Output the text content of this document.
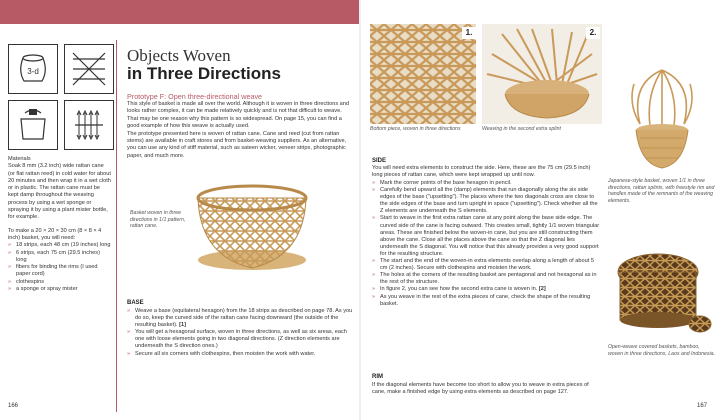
3-d
Objects Woven
in Three Directions
Prototype F: Open three-directional weave

This style of basket is made all over the world. Although it is woven in three directions and looks rather complex, it can be made relatively quickly and is not that difficult to weave. That may be one reason why this pattern is so widespread. On page 15, you can find a good example of how this weave is actually used.

The prototype presented here is woven of rattan cane. Cane and reed (cut from rattan stems) are available in craft stores and from basket-weaving suppliers. As an alternative, you can use any kind of stiff material, such as sateen wicker, veneer strips, photographic paper, and much more.

Materials

Soak 8 mm (3.2 inch) wide rattan cane (or flat rattan reed) in cold water for about 20 minutes and then wrap it in a wet cloth or in plastic. The rattan cane must be kept damp throughout the weaving process by using a wet sponge or spraying it by using a plant mister bottle, for example.

To make a 20 × 20 × 30 cm (8 × 8 × 4 inch) basket, you will need:

» 18 strips, each 48 cm (19 inches) long
» 6 strips, each 75 cm (29.5 inches) long
» fibers for binding the rims (I used paper cord)
» clothespins
» a sponge or spray mister
Basket woven in three directions in 1/1 pattern, rattan cane.
BASE
» Weave a base (equilateral hexagon) from the 18 strips as described on page 78. As you do so, keep the curved side of the rattan cane facing downward (the outside of the resulting basket). [1]
» You will get a hexagonal surface, woven in three directions, as well as six areas, each one with loose elements going in two diagonal directions. (Z direction elements are underneath the S direction ones.)
» Secure all six corners with clothespins, then moisten the work with water.
166
1.	2.
Bottom piece, woven in three directions	Weaving in the second extra splint
SIDE

You will need extra elements to construct the side. Here, these are the 75 cm (29.5 inch) long pieces of rattan cane, which were kept wrapped up until now.

» Mark the corner points of the base hexagon in pencil.
» Carefully bend upward all the (damp) elements that run diagonally along the six side edges of the base ("upsetting"). The places where the two diagonals cross are close to the side edges of the base and turn upright in space ("upsetting"). Check whether all the Z elements are underneath the S elements.
» Start to weave in the first extra rattan cane at any point along the base side edge. The curved side of the cane is facing outward. This creates small, tightly 1/1 woven triangular areas. These are finished below the woven-in cane, but you are still constructing them above the cane. Close all the places above the cane so that the Z diagonal lies underneath the S diagonal. You will notice that this already provides a very good support for the resulting structure.
» The start and the end of the woven-in extra elements overlap along a length of about 5 cm (2 inches). Secure with clothespins and moisten the work.
» The holes at the corners of the resulting basket are pentagonal and not hexagonal as in the rest of the structure.
» In figure 2, you can see how the second extra cane is woven in. [2]
» As you weave in the rest of the extra pieces of cane, check the shape of the resulting basket.
RIM

If the diagonal elements have become too short to allow you to weave in extra pieces of cane, make a finished edge by using extra elements as described on page 127.

Japanese-style basket, woven 1/1 in three directions, rattan splints, with freestyle rim and handles made of the remnants of the weaving elements.
Open-weave covered baskets, bamboo, woven in three directions, Laos and Indonesia.
167
